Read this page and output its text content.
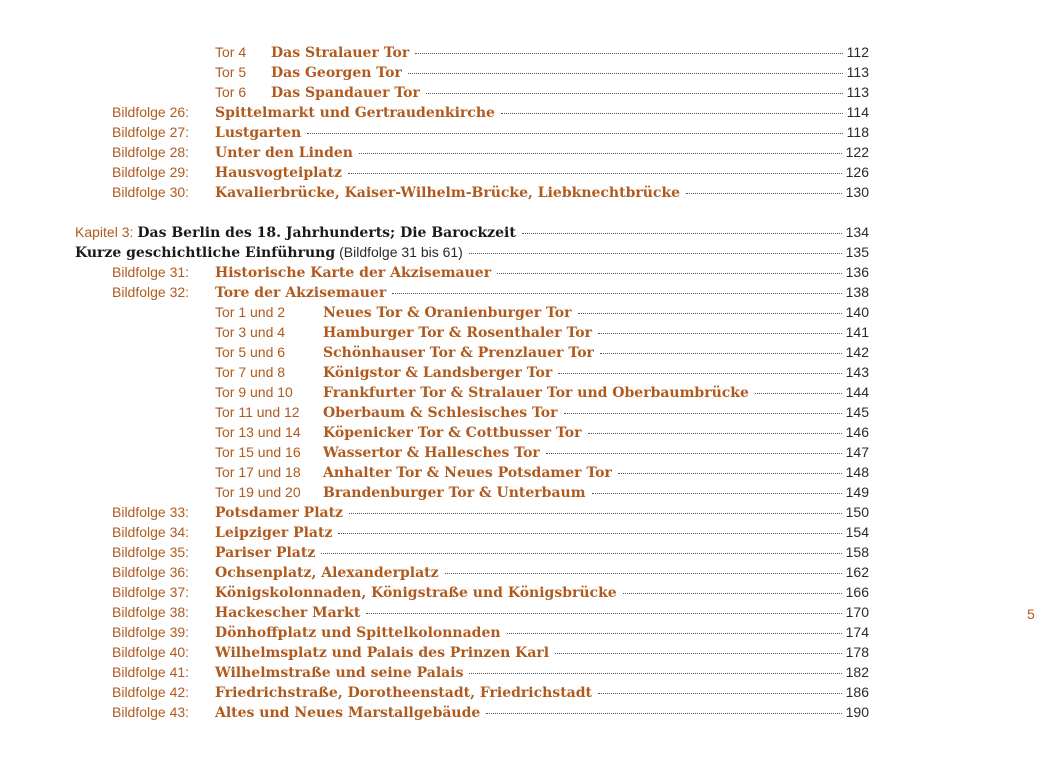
Tor 4	Das Stralauer Tor	112
Tor 5	Das Georgen Tor	113
Tor 6	Das Spandauer Tor	113
Bildfolge 26:	Spittelmarkt und Gertraudenkirche	114
Bildfolge 27:	Lustgarten	118
Bildfolge 28:	Unter den Linden	122
Bildfolge 29:	Hausvogteiplatz	126
Bildfolge 30:	Kavalierbrücke, Kaiser-Wilhelm-Brücke, Liebknechtbrücke	130
Kapitel 3: Das Berlin des 18. Jahrhunderts; Die Barockzeit	134
Kurze geschichtliche Einführung (Bildfolge 31 bis 61)	135
Bildfolge 31:	Historische Karte der Akzisemauer	136
Bildfolge 32:	Tore der Akzisemauer	138
Tor 1 und 2	Neues Tor & Oranienburger Tor	140
Tor 3 und 4	Hamburger Tor & Rosenthaler Tor	141
Tor 5 und 6	Schönhauser Tor & Prenzlauer Tor	142
Tor 7 und 8	Königstor & Landsberger Tor	143
Tor 9 und 10	Frankfurter Tor & Stralauer Tor und Oberbaumbrücke	144
Tor 11 und 12	Oberbaum & Schlesisches Tor	145
Tor 13 und 14	Köpenicker Tor & Cottbusser Tor	146
Tor 15 und 16	Wassertor & Hallesches Tor	147
Tor 17 und 18	Anhalter Tor & Neues Potsdamer Tor	148
Tor 19 und 20	Brandenburger Tor & Unterbaum	149
Bildfolge 33:	Potsdamer Platz	150
Bildfolge 34:	Leipziger Platz	154
Bildfolge 35:	Pariser Platz	158
Bildfolge 36:	Ochsenplatz, Alexanderplatz	162
Bildfolge 37:	Königskolonnaden, Königstraße und Königsbrücke	166
Bildfolge 38:	Hackescher Markt	170
Bildfolge 39:	Dönhoffplatz und Spittelkolonnaden	174
Bildfolge 40:	Wilhelmsplatz und Palais des Prinzen Karl	178
Bildfolge 41:	Wilhelmstraße und seine Palais	182
Bildfolge 42:	Friedrichstraße, Dorotheenstadt, Friedrichstadt	186
Bildfolge 43:	Altes und Neues Marstallgebäude	190
5
